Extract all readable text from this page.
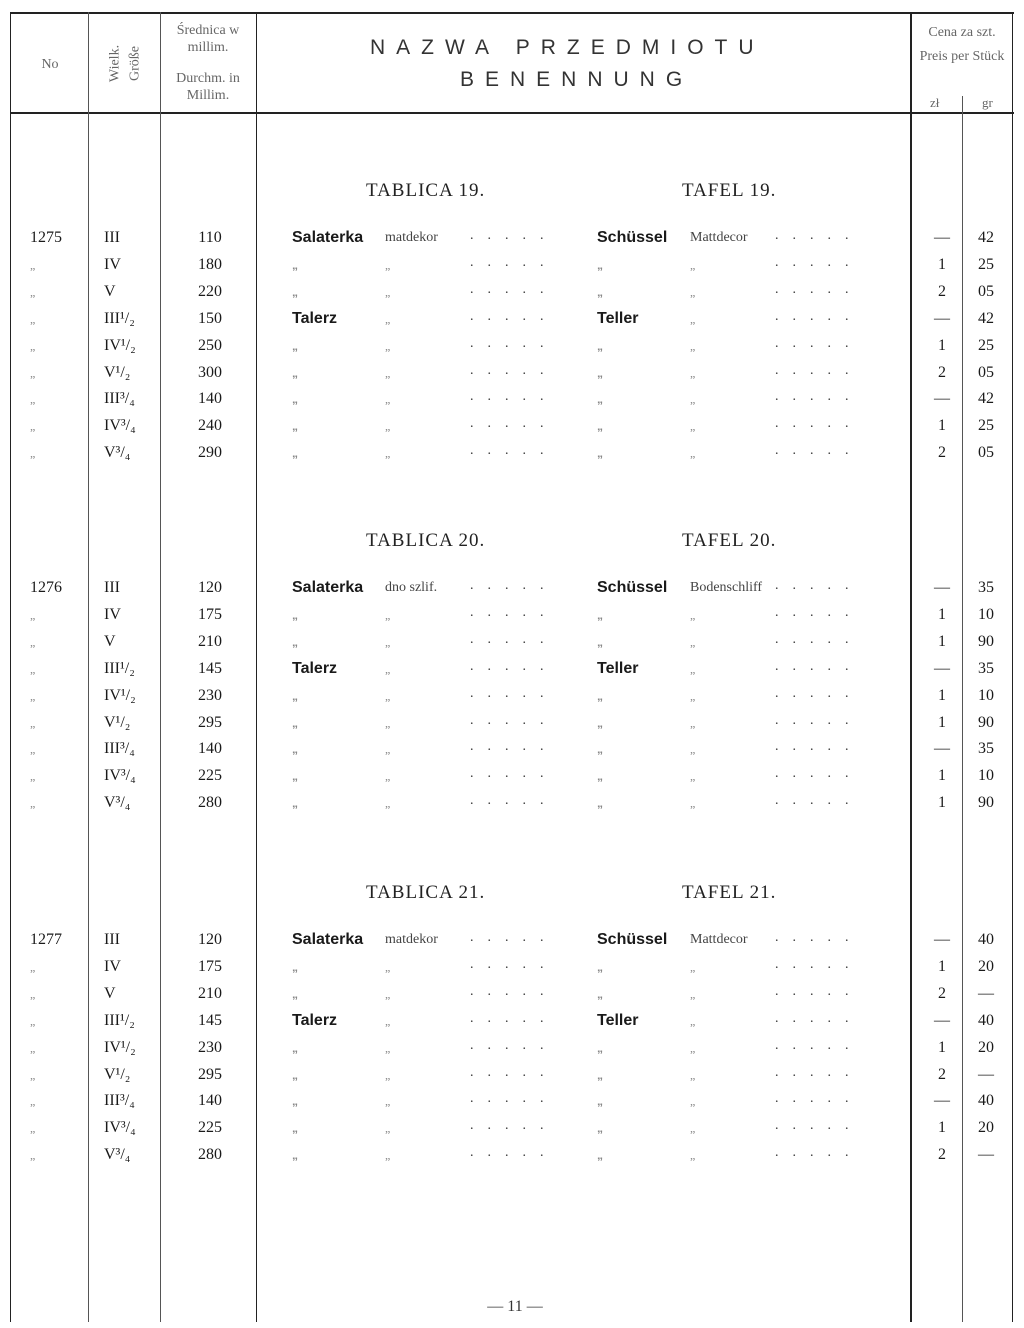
No	Wielk. Größe
Średnica w millim.
Durchm. in Millim.
NAZWA PRZEDMIOTU
BENENNUNG
Cena za szt.
Preis per Stück
zł	gr
TABLICA 19.	TAFEL 19.
1275	III	110	Salaterka matdekor	Schüssel Mattdecor	—	42
.....	.....
„	IV	180	„	„	„	„	1	25
.....	.....
„	V	220	„	„	„	„	2	05
.....	.....
„	III¹/₂	150	Talerz	„	Teller	„	—	42
.....	.....
„	IV¹/₂	250	„	„	„	„	1	25
.....	.....
„	V¹/₂	300	„	„	„	„	2	05
.....	.....
„	III³/₄	140	„	„	„	„	—	42
.....	.....
„	IV³/₄	240	„	„	„	„	1	25
.....	.....
„	V³/₄	290	„	„	„	„	2	05
.....	.....
TABLICA 20.	TAFEL 20.
1276	III	120	Salaterka dno szlif.	Schüssel Bodenschliff	—	35
.....	.....
„	IV	175	„	„	„	„	1	10
.....	.....
„	V	210	„	„	„	„	1	90
.....	.....
„	III¹/₂	145	Talerz	„	Teller	„	—	35
.....	.....
„	IV¹/₂	230	„	„	„	„	1	10
.....	.....
„	V¹/₂	295	„	„	„	„	1	90
.....	.....
„	III³/₄	140	„	„	„	„	—	35
.....	.....
„	IV³/₄	225	„	„	„	„	1	10
.....	.....
„	V³/₄	280	„	„	„	„	1	90
.....	.....
TABLICA 21.	TAFEL 21.
1277	III	120	Salaterka matdekor	Schüssel Mattdecor	—	40
.....	.....
„	IV	175	„	„	„	„	1	20
.....	.....
„	V	210	„	„	„	„	2	—
.....	.....
„	III¹/₂	145	Talerz	„	Teller	„	—	40
.....	.....
„	IV¹/₂	230	„	„	„	„	1	20
.....	.....
„	V¹/₂	295	„	„	„	„	2	—
.....	.....
„	III³/₄	140	„	„	„	„	—	40
.....	.....
„	IV³/₄	225	„	„	„	„	1	20
.....	.....
„	V³/₄	280	„	„	„	„	2	—
.....	.....
— 11 —
